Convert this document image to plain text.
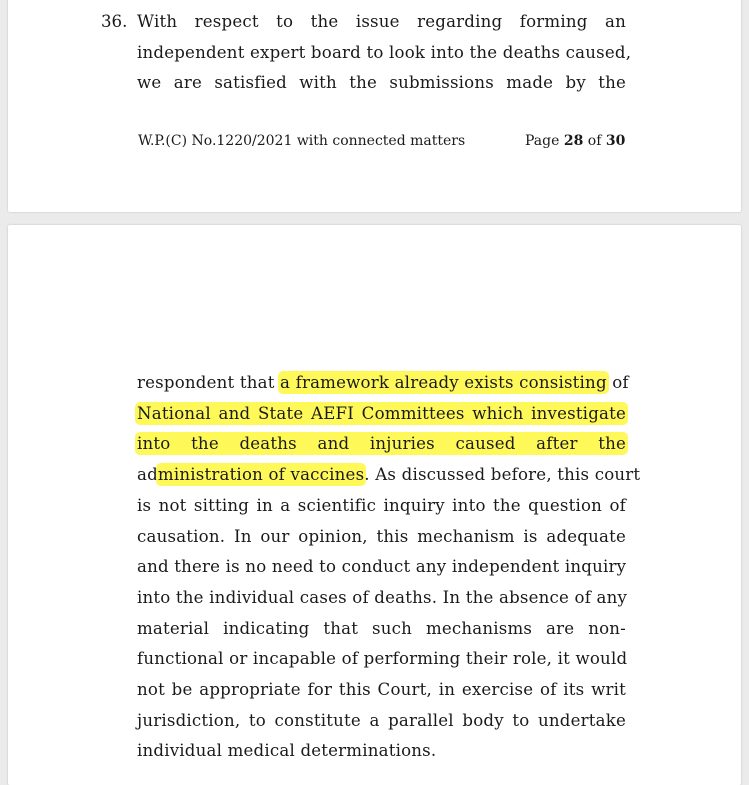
36. With respect to the issue regarding forming an
independent expert board to look into the deaths caused,
we are satisfied with the submissions made by the
W.P.(C) No.1220/2021 with connected matters	Page 28 of 30
respondent that a framework already exists consisting of
National and State AEFI Committees which investigate
into the deaths and injuries caused after the
administration of vaccines. As discussed before, this court
is not sitting in a scientific inquiry into the question of
causation. In our opinion, this mechanism is adequate
and there is no need to conduct any independent inquiry
into the individual cases of deaths. In the absence of any
material indicating that such mechanisms are non-
functional or incapable of performing their role, it would
not be appropriate for this Court, in exercise of its writ
jurisdiction, to constitute a parallel body to undertake
individual medical determinations.
